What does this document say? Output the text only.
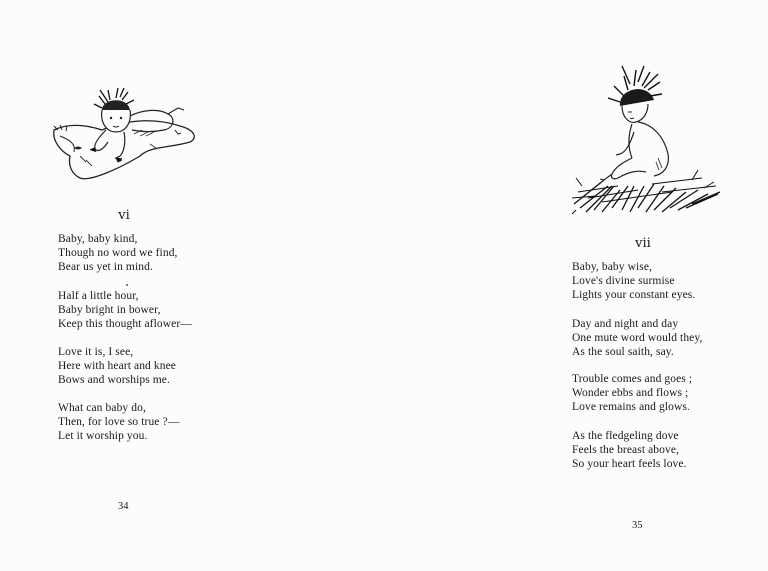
vi
Baby, baby kind,
Though no word we find,
Bear us yet in mind.
Half a little hour,
Baby bright in bower,
Keep this thought aflower—
Love it is, I see,
Here with heart and knee
Bows and worships me.
What can baby do,
Then, for love so true ?—
Let it worship you.
34
vii
Baby, baby wise,
Love's divine surmise
Lights your constant eyes.
Day and night and day
One mute word would they,
As the soul saith, say.
Trouble comes and goes ;
Wonder ebbs and flows ;
Love remains and glows.
As the fledgeling dove
Feels the breast above,
So your heart feels love.
35
